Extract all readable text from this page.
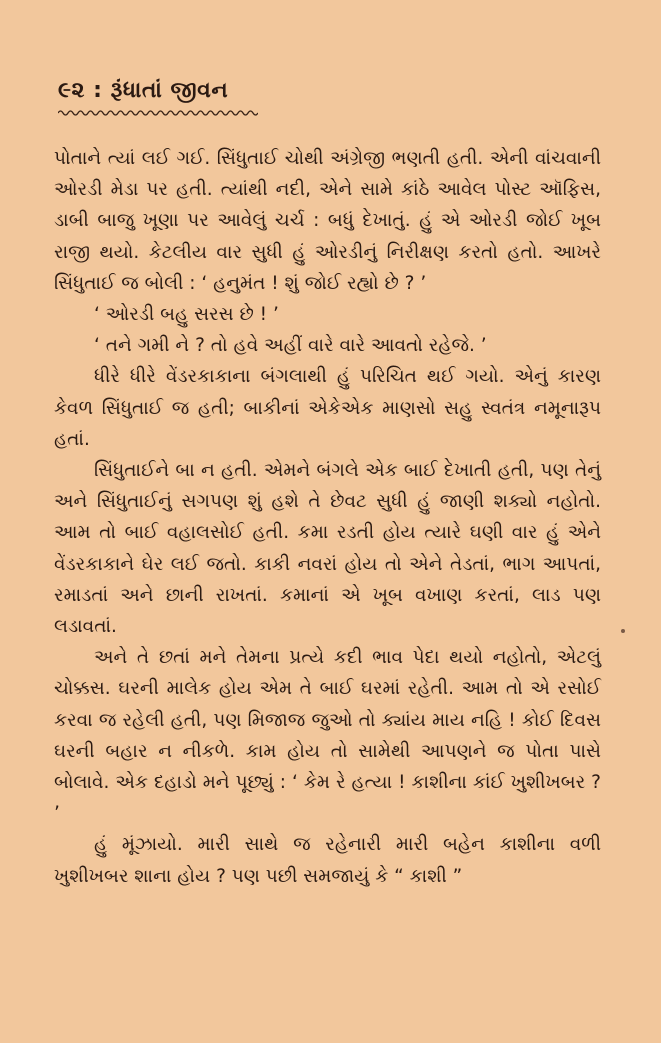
૯૨ : રૂંધાતાં જીવન

પોતાને ત્યાં લઈ ગઈ. સિંધુતાઈ ચોથી અંગ્રેજી ભણતી હતી. એની વાંચવાની ઓરડી મેડા પર હતી. ત્યાંથી નદી, એને સામે કાંઠે આવેલ પોસ્ટ ઑફિસ, ડાબી બાજુ ખૂણા પર આવેલું ચર્ચ : બધું દેખાતું. હું એ ઓરડી જોઈ ખૂબ રાજી થયો. કેટલીય વાર સુધી હું ઓરડીનું નિરીક્ષણ કરતો હતો. આખરે સિંધુતાઈ જ બોલી : ‘ હનુમંત ! શું જોઈ રહ્યો છે ? ’

‘ ઓરડી બહુ સરસ છે ! ’

‘ તને ગમી ને ? તો હવે અહીં વારે વારે આવતો રહેજે. ’

ધીરે ધીરે વેંડરકાકાના બંગલાથી હું પરિચિત થઈ ગયો. એનું કારણ કેવળ સિંધુતાઈ જ હતી; બાકીનાં એકેએક માણસો સહુ સ્વતંત્ર નમૂનારૂપ હતાં.

સિંધુતાઈને બા ન હતી. એમને બંગલે એક બાઈ દેખાતી હતી, પણ તેનું અને સિંધુતાઈનું સગપણ શું હશે તે છેવટ સુધી હું જાણી શક્યો નહોતો. આમ તો બાઈ વહાલસોઈ હતી. કમા રડતી હોય ત્યારે ઘણી વાર હું એને વેંડરકાકાને ઘેર લઈ જતો. કાકી નવરાં હોય તો એને તેડતાં, ભાગ આપતાં, રમાડતાં અને છાની રાખતાં. કમાનાં એ ખૂબ વખાણ કરતાં, લાડ પણ લડાવતાં.

અને તે છતાં મને તેમના પ્રત્યે કદી ભાવ પેદા થયો નહોતો, એટલું ચોક્કસ. ઘરની માલેક હોય એમ તે બાઈ ઘરમાં રહેતી. આમ તો એ રસોઈ કરવા જ રહેલી હતી, પણ મિજાજ જુઓ તો ક્યાંય માય નહિ ! કોઈ દિવસ ઘરની બહાર ન નીકળે. કામ હોય તો સામેથી આપણને જ પોતા પાસે બોલાવે. એક દહાડો મને પૂછ્યું : ‘ કેમ રે હત્યા ! કાશીના કાંઈ ખુશીખબર ? ’

હું મૂંઝાયો. મારી સાથે જ રહેનારી મારી બહેન કાશીના વળી ખુશીખબર શાના હોય ? પણ પછી સમજાયું કે “ કાશી ”
